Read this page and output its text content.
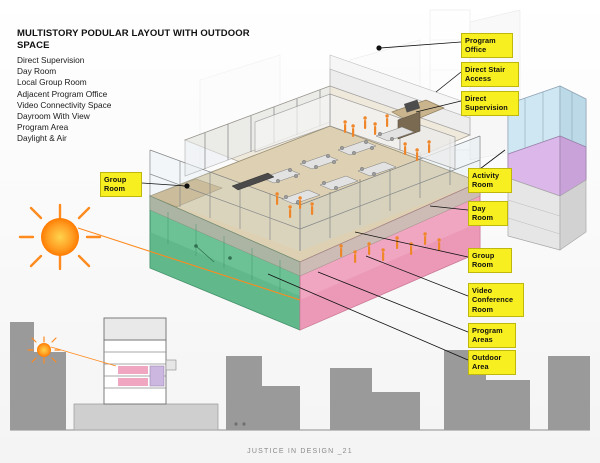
MULTISTORY PODULAR LAYOUT WITH OUTDOOR SPACE
Direct Supervision
Day Room
Local Group Room
Adjacent Program Office
Video Connectivity Space
Dayroom With View
Program Area
Daylight & Air
Program
Office
Direct Stair
Access
Direct
Supervision
Activity
Room
Day
Room
Group
Room
Video
Conference
Room
Program
Areas
Outdoor
Area
Group
Room
JUSTICE IN DESIGN _21
